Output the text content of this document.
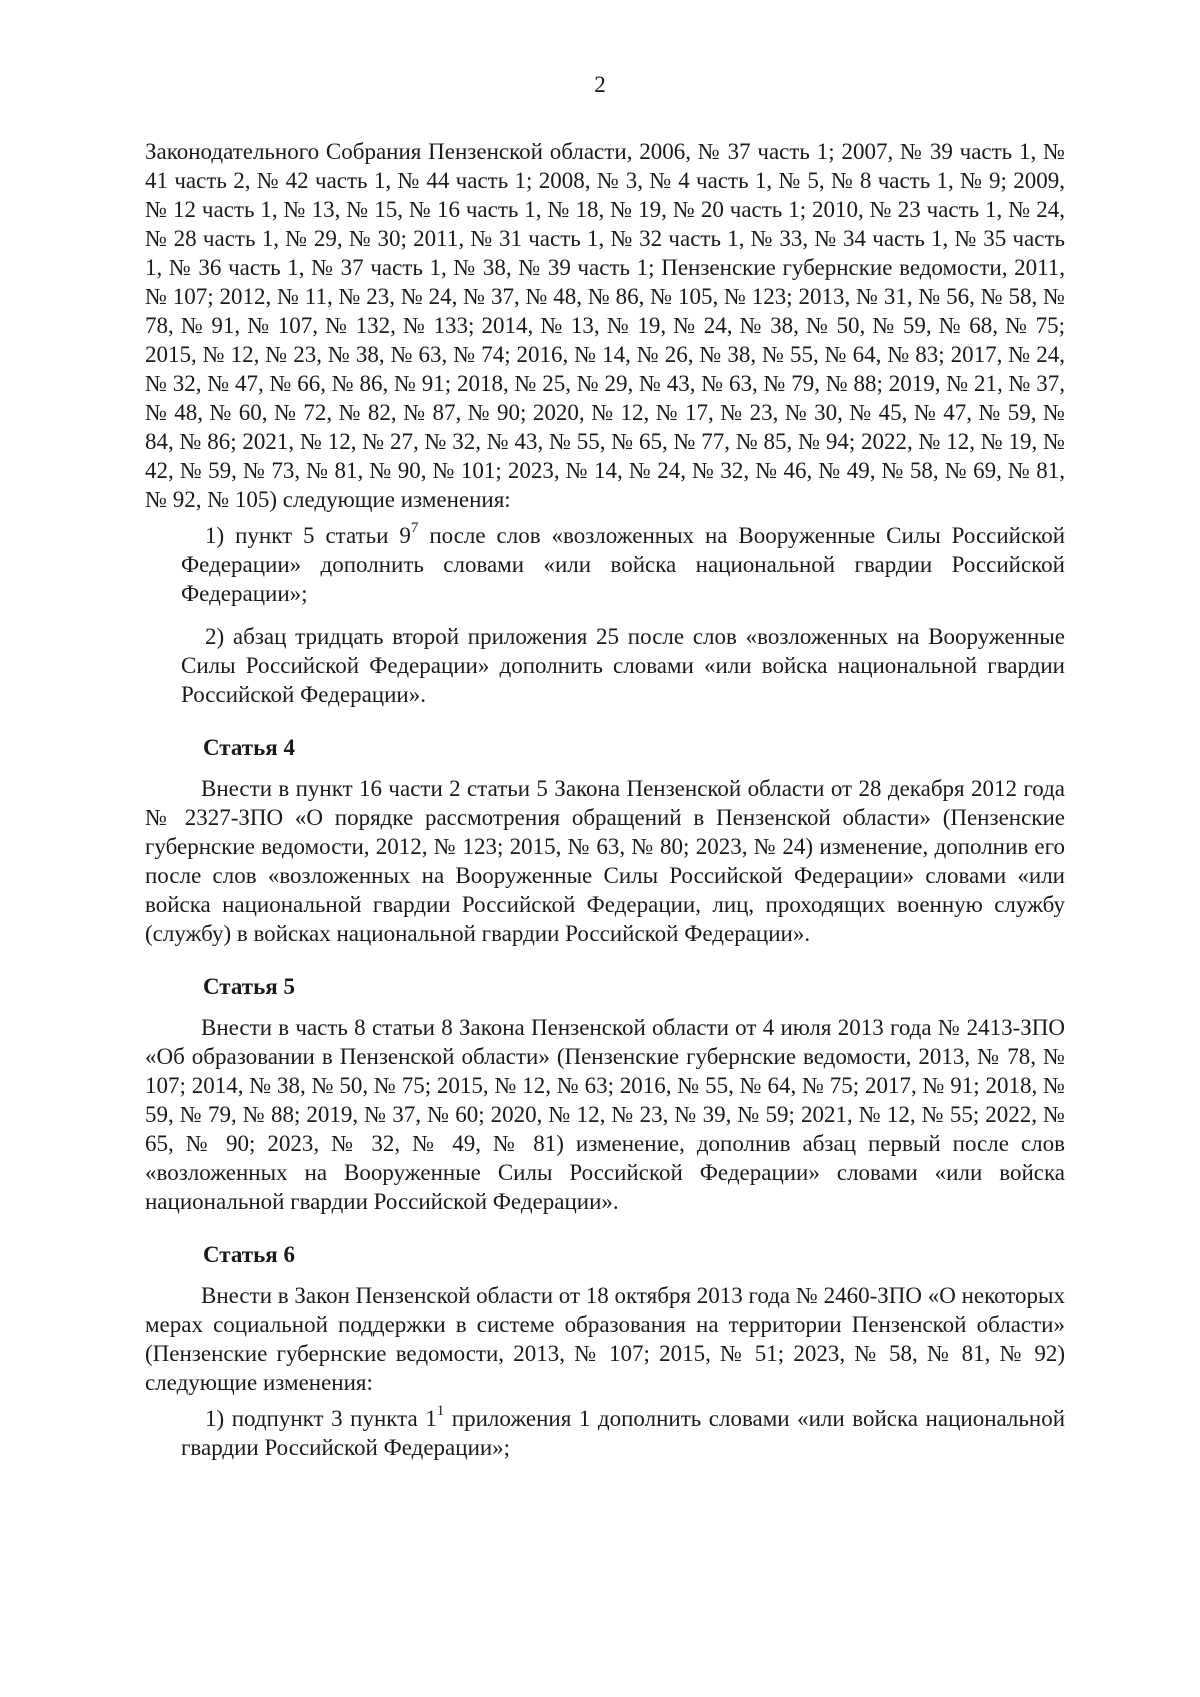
2

Законодательного Собрания Пензенской области, 2006, № 37 часть 1; 2007, № 39 часть 1, № 41 часть 2, № 42 часть 1, № 44 часть 1; 2008, № 3, № 4 часть 1, № 5, № 8 часть 1, № 9; 2009, № 12 часть 1, № 13, № 15, № 16 часть 1, № 18, № 19, № 20 часть 1; 2010, № 23 часть 1, № 24, № 28 часть 1, № 29, № 30; 2011, № 31 часть 1, № 32 часть 1, № 33, № 34 часть 1, № 35 часть 1, № 36 часть 1, № 37 часть 1, № 38, № 39 часть 1; Пензенские губернские ведомости, 2011, № 107; 2012, № 11, № 23, № 24, № 37, № 48, № 86, № 105, № 123; 2013, № 31, № 56, № 58, № 78, № 91, № 107, № 132, № 133; 2014, № 13, № 19, № 24, № 38, № 50, № 59, № 68, № 75; 2015, № 12, № 23, № 38, № 63, № 74; 2016, № 14, № 26, № 38, № 55, № 64, № 83; 2017, № 24, № 32, № 47, № 66, № 86, № 91; 2018, № 25, № 29, № 43, № 63, № 79, № 88; 2019, № 21, № 37, № 48, № 60, № 72, № 82, № 87, № 90; 2020, № 12, № 17, № 23, № 30, № 45, № 47, № 59, № 84, № 86; 2021, № 12, № 27, № 32, № 43, № 55, № 65, № 77, № 85, № 94; 2022, № 12, № 19, № 42, № 59, № 73, № 81, № 90, № 101; 2023, № 14, № 24, № 32, № 46, № 49, № 58, № 69, № 81, № 92, № 105) следующие изменения:

1) пункт 5 статьи $9^7$ после слов «возложенных на Вооруженные Силы Российской Федерации» дополнить словами «или войска национальной гвардии Российской Федерации»;

2) абзац тридцать второй приложения 25 после слов «возложенных на Вооруженные Силы Российской Федерации» дополнить словами «или войска национальной гвардии Российской Федерации».

Статья 4

Внести в пункт 16 части 2 статьи 5 Закона Пензенской области от 28 декабря 2012 года № 2327-ЗПО «О порядке рассмотрения обращений в Пензенской области» (Пензенские губернские ведомости, 2012, № 123; 2015, № 63, № 80; 2023, № 24) изменение, дополнив его после слов «возложенных на Вооруженные Силы Российской Федерации» словами «или войска национальной гвардии Российской Федерации, лиц, проходящих военную службу (службу) в войсках национальной гвардии Российской Федерации».

Статья 5

Внести в часть 8 статьи 8 Закона Пензенской области от 4 июля 2013 года № 2413-ЗПО «Об образовании в Пензенской области» (Пензенские губернские ведомости, 2013, № 78, № 107; 2014, № 38, № 50, № 75; 2015, № 12, № 63; 2016, № 55, № 64, № 75; 2017, № 91; 2018, № 59, № 79, № 88; 2019, № 37, № 60; 2020, № 12, № 23, № 39, № 59; 2021, № 12, № 55; 2022, № 65, № 90; 2023, № 32, № 49, № 81) изменение, дополнив абзац первый после слов «возложенных на Вооруженные Силы Российской Федерации» словами «или войска национальной гвардии Российской Федерации».

Статья 6

Внести в Закон Пензенской области от 18 октября 2013 года № 2460-ЗПО «О некоторых мерах социальной поддержки в системе образования на территории Пензенской области» (Пензенские губернские ведомости, 2013, № 107; 2015, № 51; 2023, № 58, № 81, № 92) следующие изменения:

1) подпункт 3 пункта $1^1$ приложения 1 дополнить словами «или войска национальной гвардии Российской Федерации»;
